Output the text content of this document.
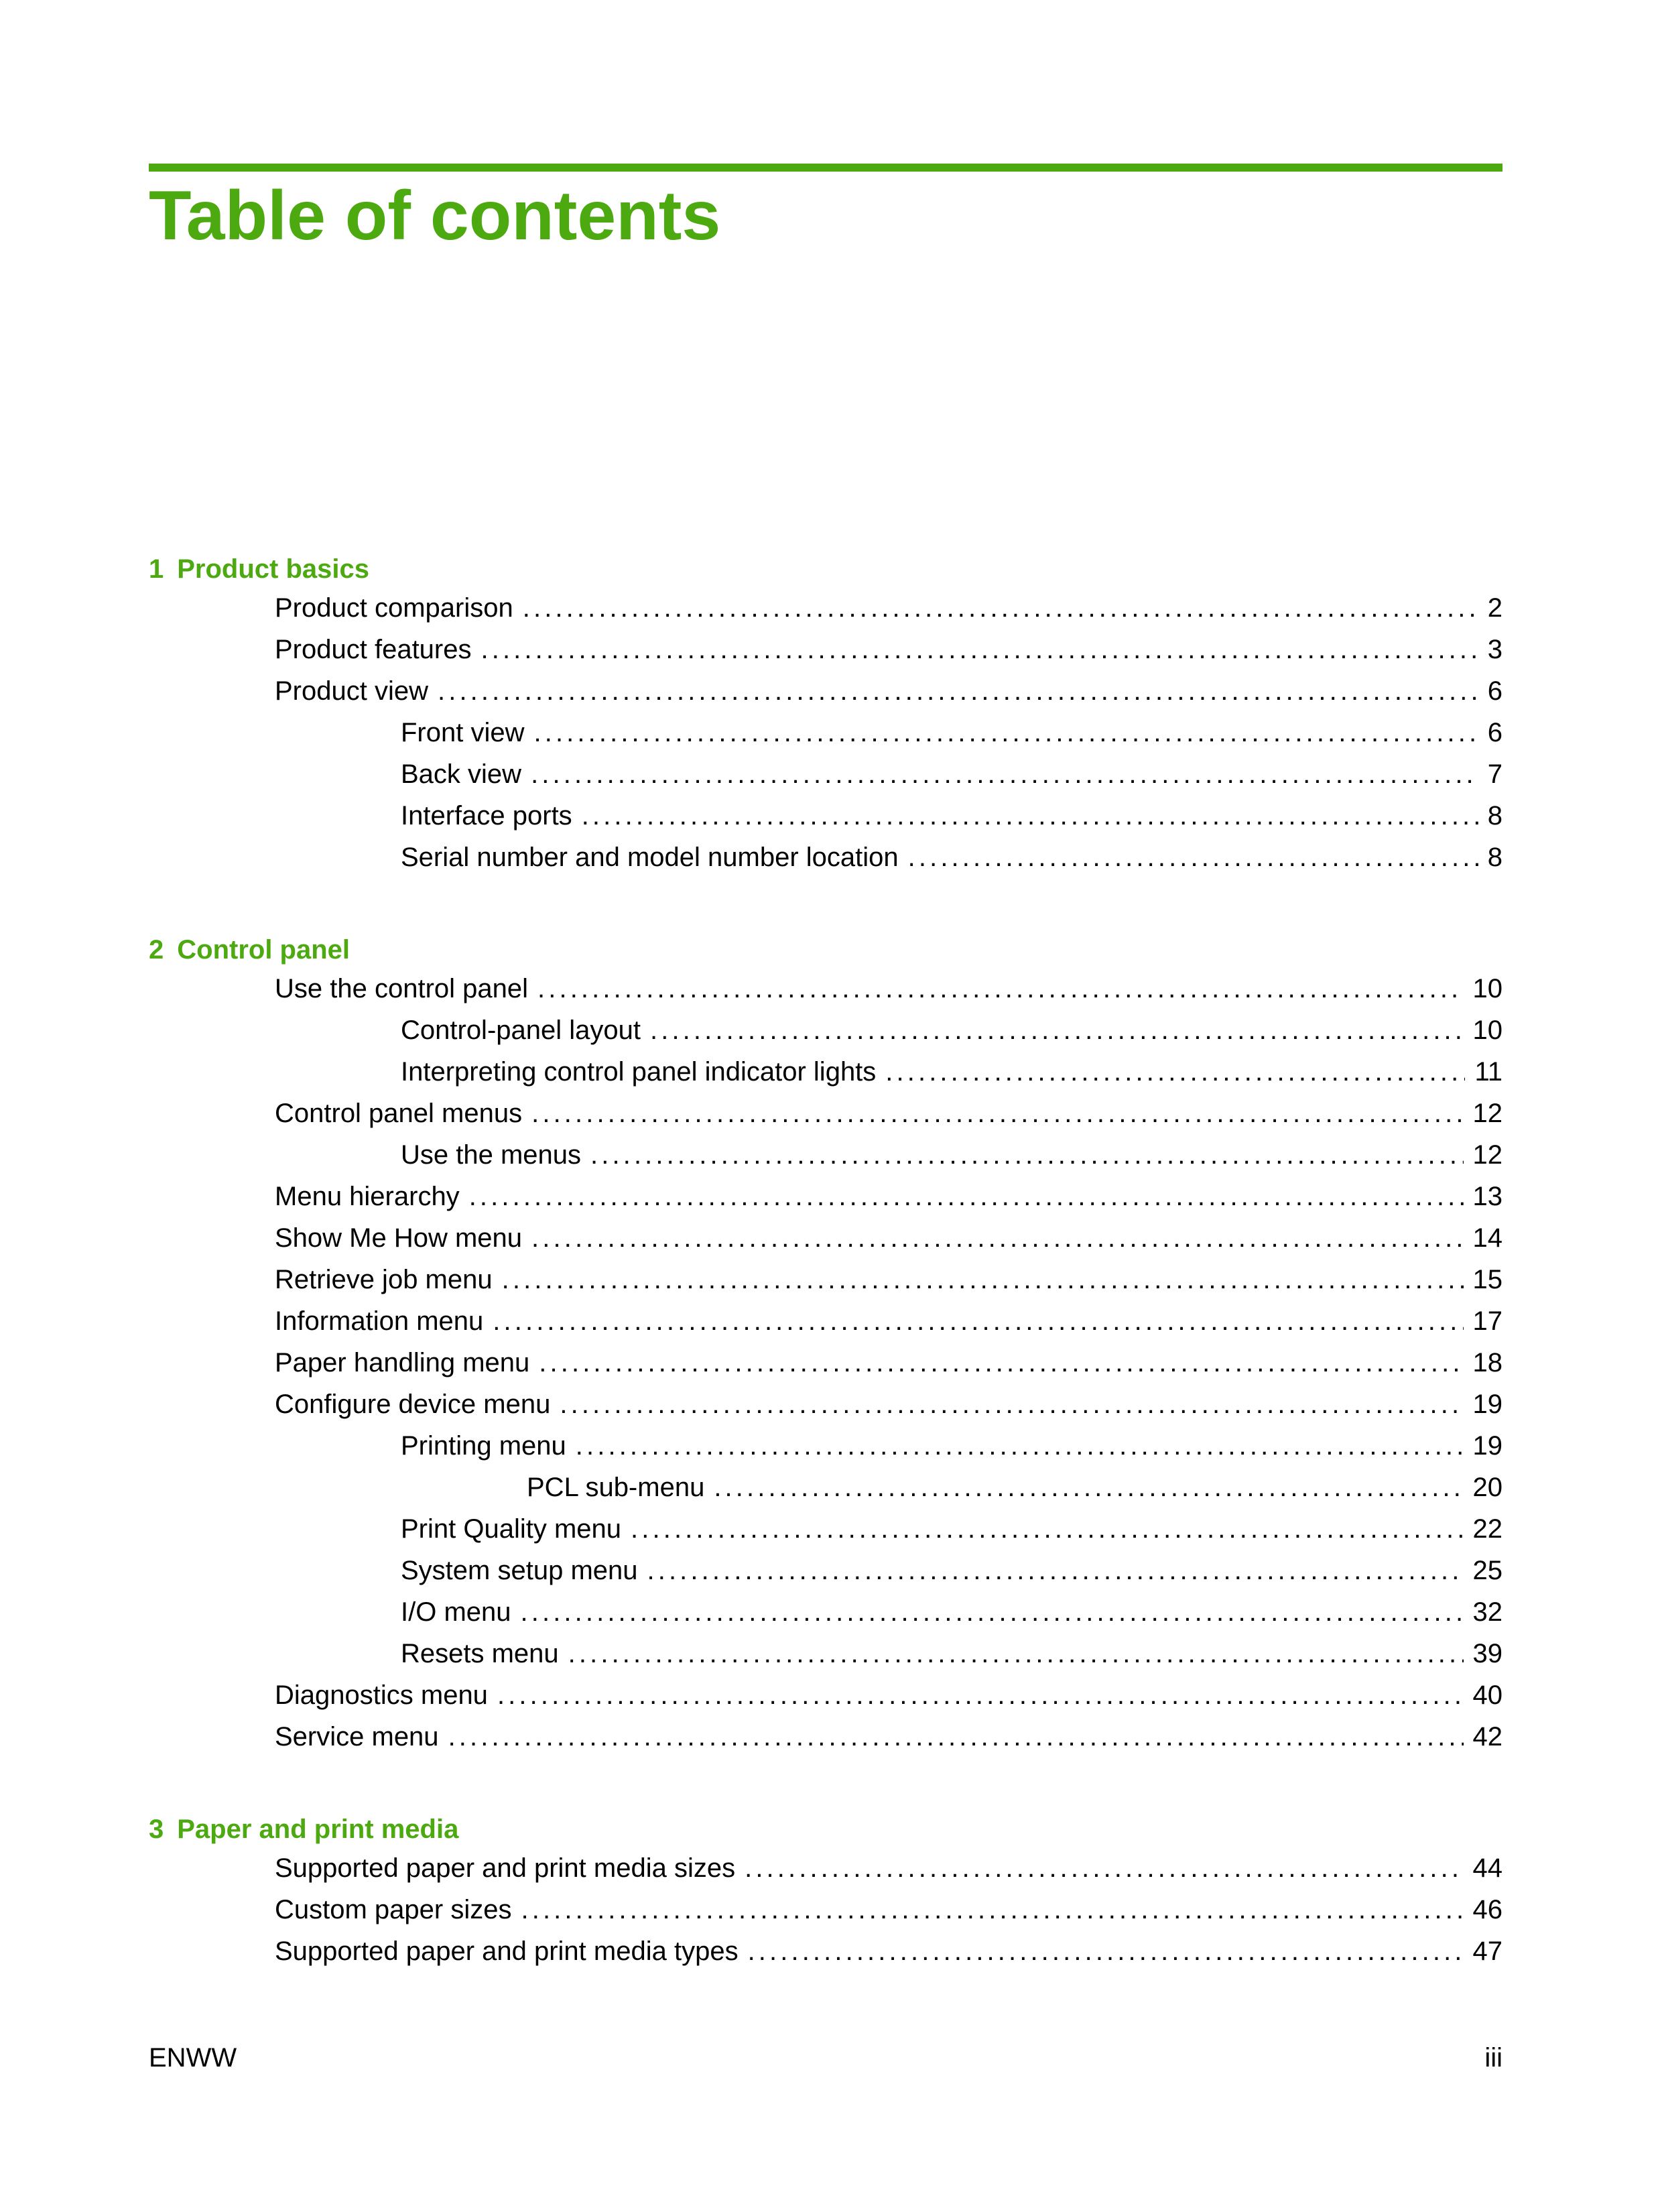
Table of contents
1 Product basics
Product comparison . . .	2
Product features . . .	3
Product view . . .	6
Front view . . .	6
Back view . . .	7
Interface ports . . .	8
Serial number and model number location . . .	8
2 Control panel
Use the control panel . . .	10
Control-panel layout . . .	10
Interpreting control panel indicator lights . . .	11
Control panel menus . . .	12
Use the menus . . .	12
Menu hierarchy . . .	13
Show Me How menu . . .	14
Retrieve job menu . . .	15
Information menu . . .	17
Paper handling menu . . .	18
Configure device menu . . .	19
Printing menu . . .	19
PCL sub-menu . . .	20
Print Quality menu . . .	22
System setup menu . . .	25
I/O menu . . .	32
Resets menu . . .	39
Diagnostics menu . . .	40
Service menu . . .	42
3 Paper and print media
Supported paper and print media sizes . . .	44
Custom paper sizes . . .	46
Supported paper and print media types . . .	47
ENWW	iii
